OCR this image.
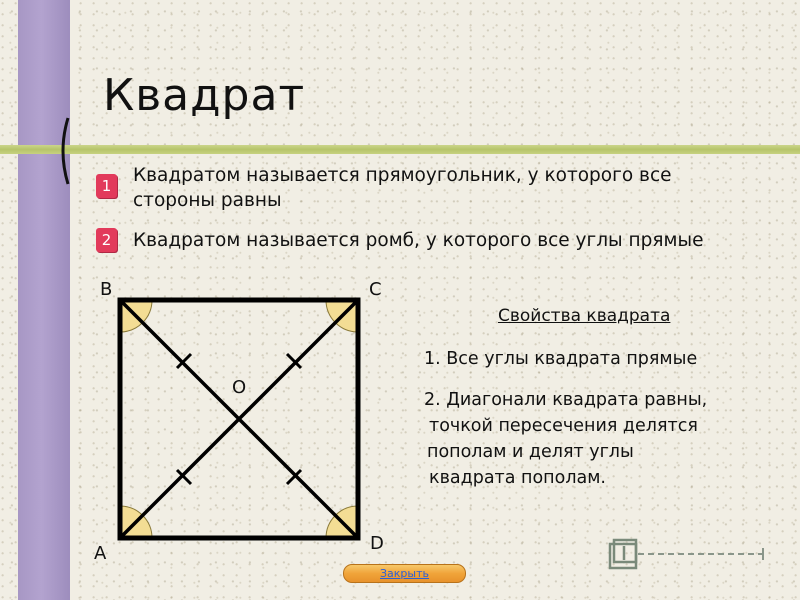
Квадрат
1	Квадратом называется прямоугольник, у которого все
стороны равны
2	Квадратом называется ромб, у которого все углы прямые
B	C
A	D
O
Свойства квадрата
1. Все углы квадрата прямые
2. Диагонали квадрата равны,
точкой пересечения делятся
пополам и делят углы
квадрата пополам.
Закрыть
